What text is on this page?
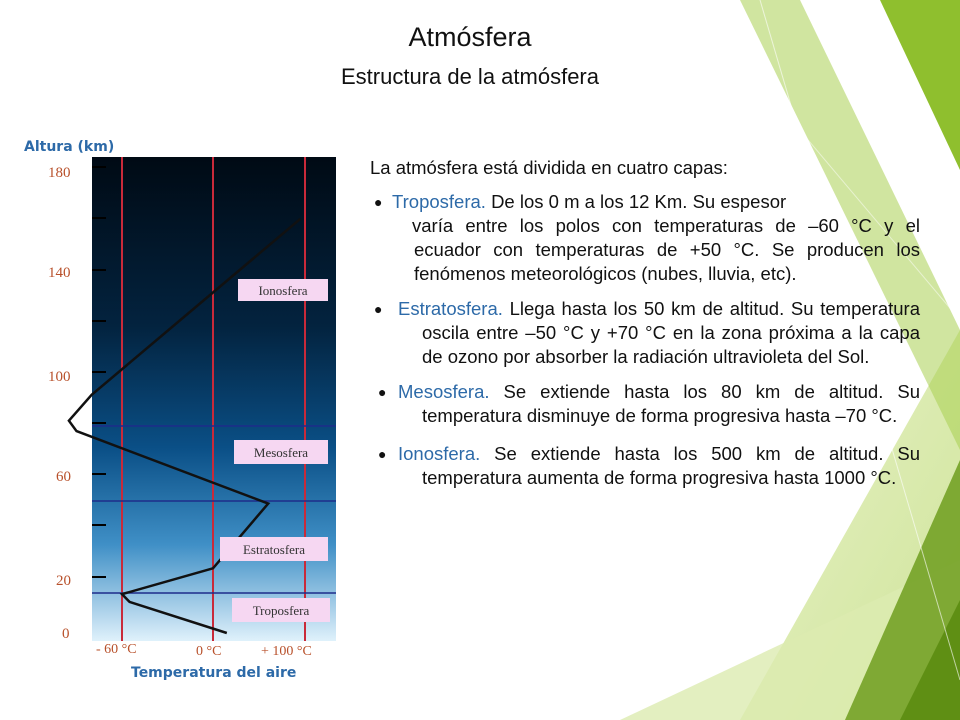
Atmósfera
Estructura de la atmósfera
Altura (km)
180
140
100
60
20
0
- 60 °C	0 °C	+ 100 °C
Temperatura del aire
Ionosfera
Mesosfera
Estratosfera
Troposfera
La atmósfera está dividida en cuatro capas:
● Troposfera. De los 0 m a los 12 Km. Su espesor
varía entre los polos con temperaturas de –60 °C y el ecuador con temperaturas de +50 °C. Se producen los fenómenos meteorológicos (nubes, lluvia, etc).

● Estratosfera. Llega hasta los 50 km de altitud. Su temperatura oscila entre –50 °C y +70 °C en la zona próxima a la capa de ozono por absorber la radiación ultravioleta del Sol.

● Mesosfera. Se extiende hasta los 80 km de altitud. Su temperatura disminuye de forma progresiva hasta –70 °C.

● Ionosfera. Se extiende hasta los 500 km de altitud. Su temperatura aumenta de forma progresiva hasta 1000 °C.
